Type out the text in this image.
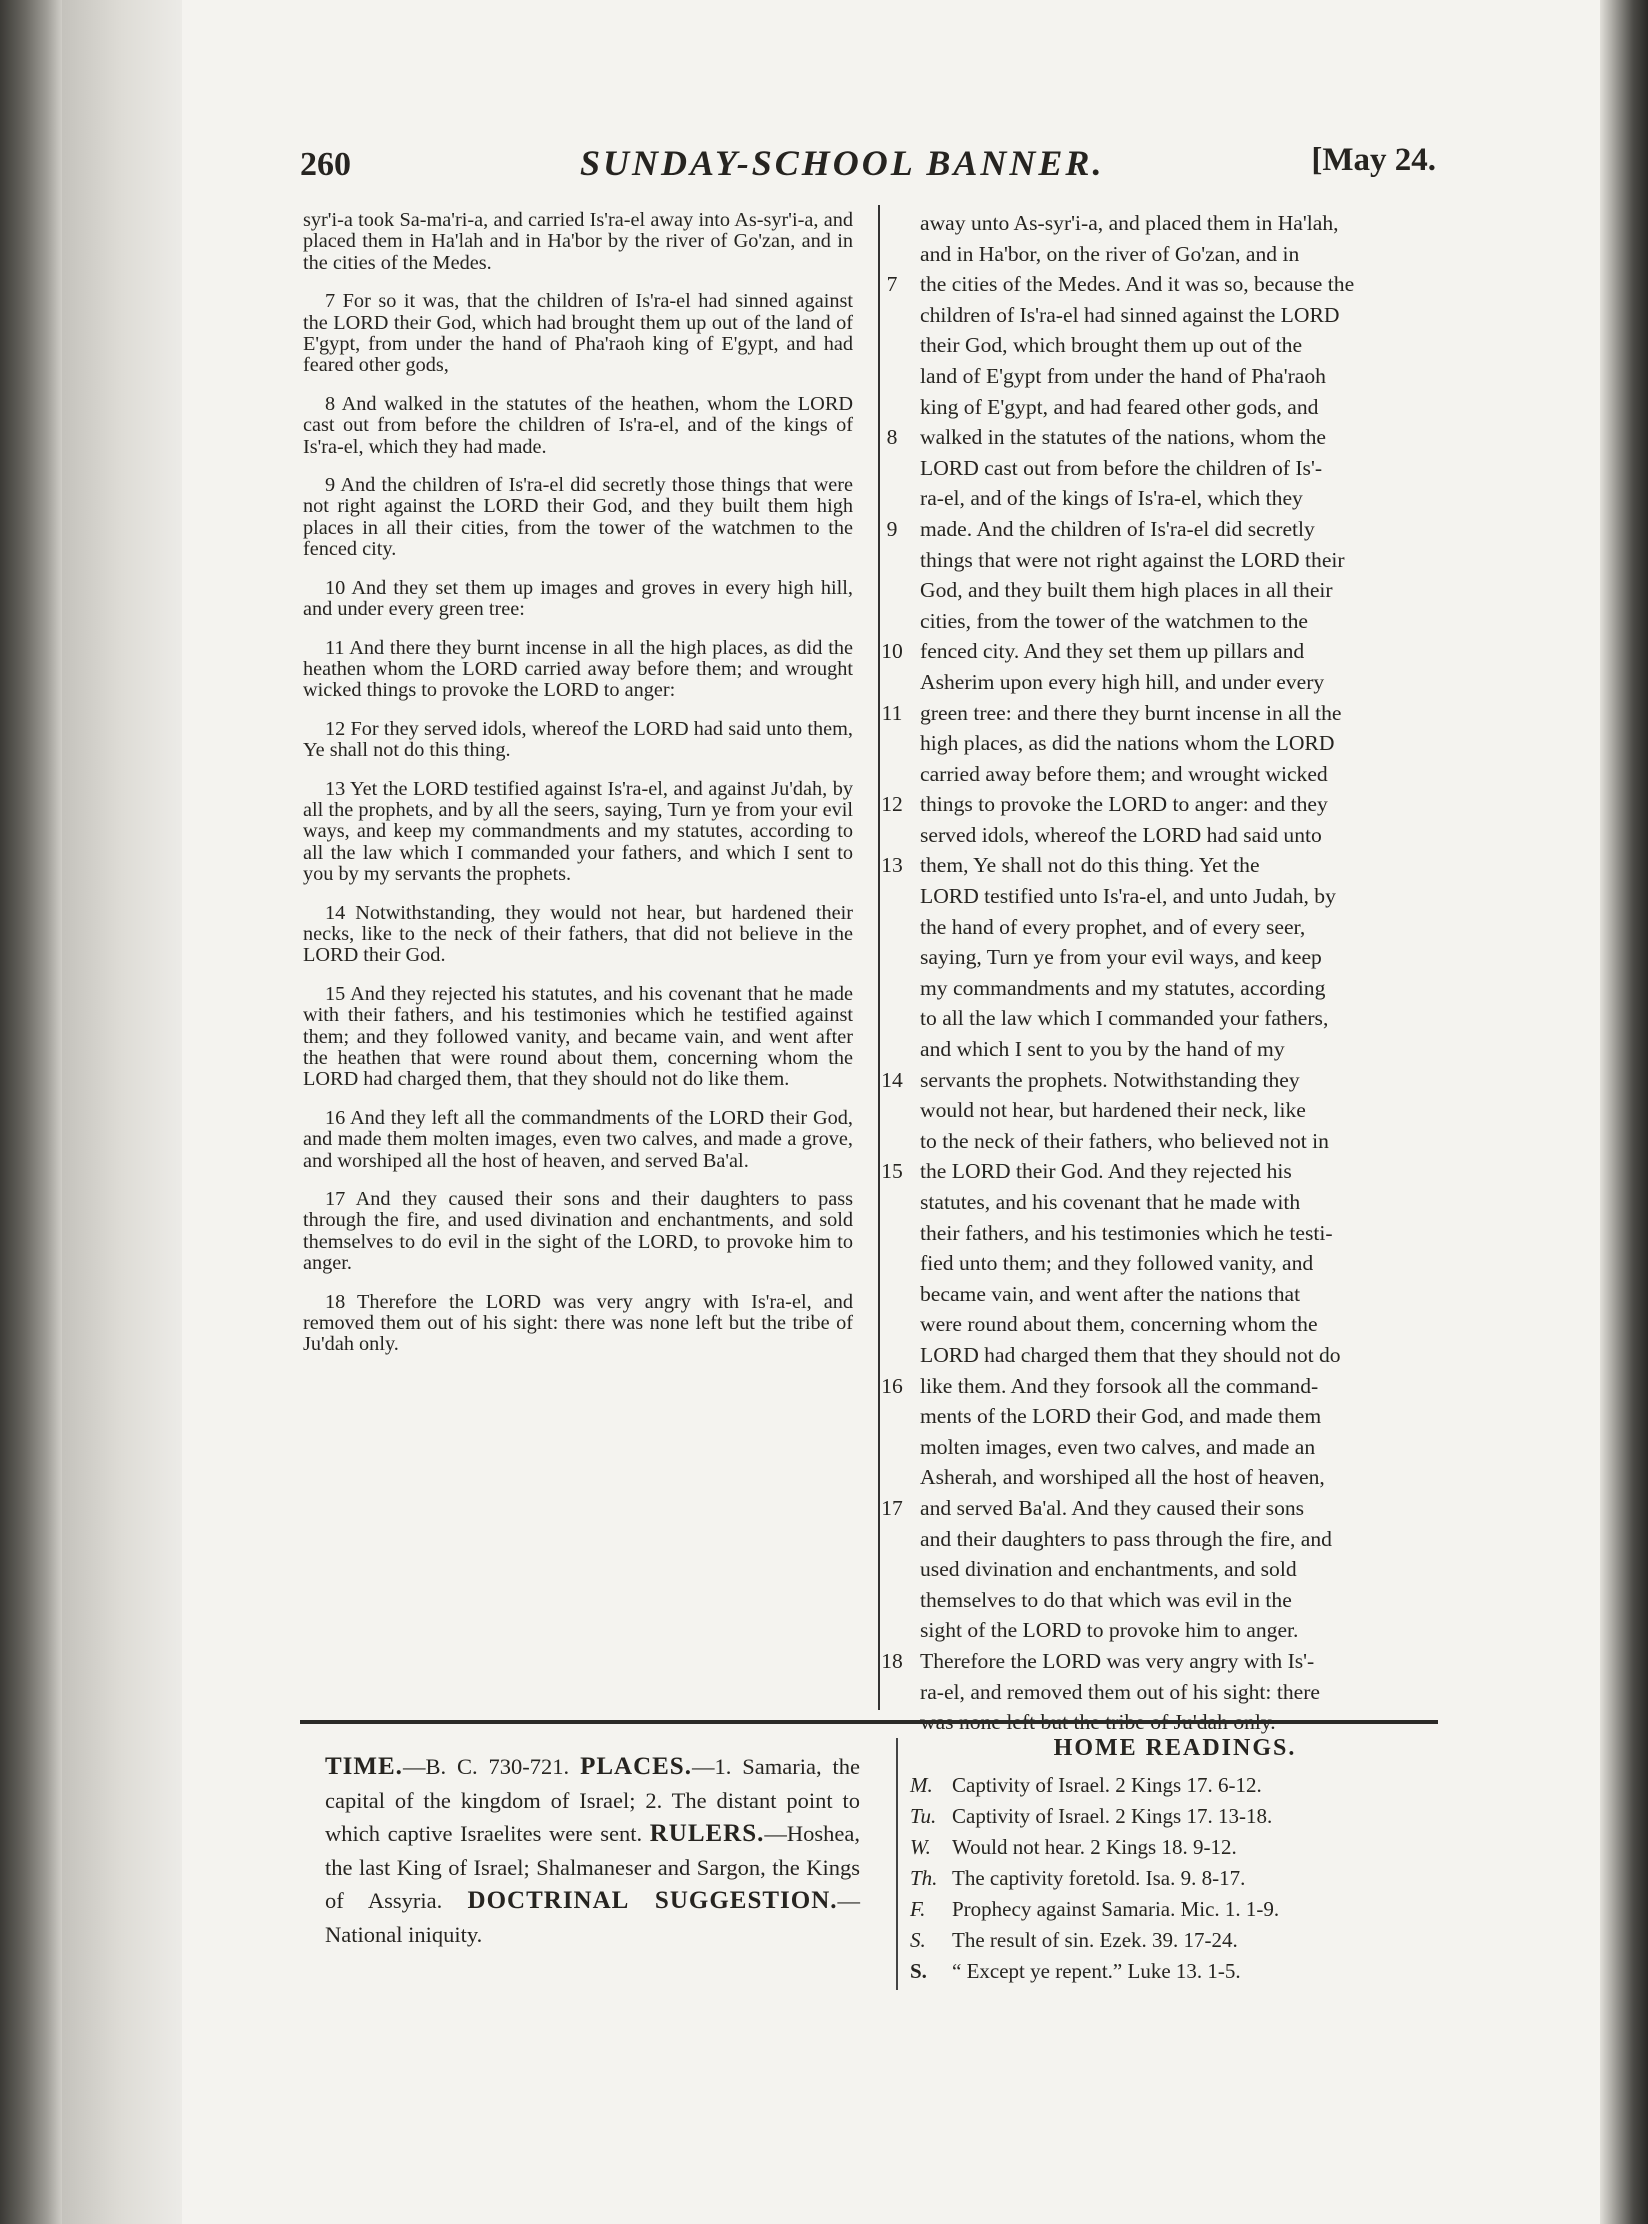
260	SUNDAY-SCHOOL BANNER.	[May 24.

syr'i-a took Sa-ma'ri-a, and carried Is'ra-el away into As-syr'i-a, and placed them in Ha'lah and in Ha'bor by the river of Go'zan, and in the cities of the Medes.

7 For so it was, that the children of Is'ra-el had sinned against the LORD their God, which had brought them up out of the land of E'gypt, from under the hand of Pha'raoh king of E'gypt, and had feared other gods,

8 And walked in the statutes of the heathen, whom the LORD cast out from before the children of Is'ra-el, and of the kings of Is'ra-el, which they had made.

9 And the children of Is'ra-el did secretly those things that were not right against the LORD their God, and they built them high places in all their cities, from the tower of the watchmen to the fenced city.

10 And they set them up images and groves in every high hill, and under every green tree:

11 And there they burnt incense in all the high places, as did the heathen whom the LORD carried away before them; and wrought wicked things to provoke the LORD to anger:

12 For they served idols, whereof the LORD had said unto them, Ye shall not do this thing.

13 Yet the LORD testified against Is'ra-el, and against Ju'dah, by all the prophets, and by all the seers, saying, Turn ye from your evil ways, and keep my commandments and my statutes, according to all the law which I commanded your fathers, and which I sent to you by my servants the prophets.

14 Notwithstanding, they would not hear, but hardened their necks, like to the neck of their fathers, that did not believe in the LORD their God.

15 And they rejected his statutes, and his covenant that he made with their fathers, and his testimonies which he testified against them; and they followed vanity, and became vain, and went after the heathen that were round about them, concerning whom the LORD had charged them, that they should not do like them.

16 And they left all the commandments of the LORD their God, and made them molten images, even two calves, and made a grove, and worshiped all the host of heaven, and served Ba'al.

17 And they caused their sons and their daughters to pass through the fire, and used divination and enchantments, and sold themselves to do evil in the sight of the LORD, to provoke him to anger.

18 Therefore the LORD was very angry with Is'ra-el, and removed them out of his sight: there was none left but the tribe of Ju'dah only.

away unto As-syr'i-a, and placed them in Ha'lah,
and in Ha'bor, on the river of Go'zan, and in
7	the cities of the Medes. And it was so, because the
children of Is'ra-el had sinned against the LORD
their God, which brought them up out of the
land of E'gypt from under the hand of Pha'raoh
king of E'gypt, and had feared other gods, and
8	walked in the statutes of the nations, whom the
LORD cast out from before the children of Is'-
ra-el, and of the kings of Is'ra-el, which they
9	made. And the children of Is'ra-el did secretly
things that were not right against the LORD their
God, and they built them high places in all their
cities, from the tower of the watchmen to the
10 fenced city. And they set them up pillars and
Asherim upon every high hill, and under every
11 green tree: and there they burnt incense in all the
high places, as did the nations whom the LORD
carried away before them; and wrought wicked
12 things to provoke the LORD to anger: and they
served idols, whereof the LORD had said unto
13 them, Ye shall not do this thing. Yet the
LORD testified unto Is'ra-el, and unto Judah, by
the hand of every prophet, and of every seer,
saying, Turn ye from your evil ways, and keep
my commandments and my statutes, according
to all the law which I commanded your fathers,
and which I sent to you by the hand of my
14 servants the prophets. Notwithstanding they
would not hear, but hardened their neck, like
to the neck of their fathers, who believed not in
15 the LORD their God. And they rejected his
statutes, and his covenant that he made with
their fathers, and his testimonies which he testi-
fied unto them; and they followed vanity, and
became vain, and went after the nations that
were round about them, concerning whom the
LORD had charged them that they should not do
16 like them. And they forsook all the command-
ments of the LORD their God, and made them
molten images, even two calves, and made an
Asherah, and worshiped all the host of heaven,
17 and served Ba'al. And they caused their sons
and their daughters to pass through the fire, and
used divination and enchantments, and sold
themselves to do that which was evil in the
sight of the LORD to provoke him to anger.
18 Therefore the LORD was very angry with Is'-
ra-el, and removed them out of his sight: there
TIME.—B. C. 730-721. PLACES.—1. Samaria, the capital of the kingdom of Israel; 2. The distant point to which captive Israelites were sent. RULERS.—Hoshea, the last King of Israel; Shalmaneser and Sargon, the Kings of Assyria. DOCTRINAL SUGGESTION.—National iniquity.
HOME READINGS.
M. Captivity of Israel. 2 Kings 17. 6-12.
Tu. Captivity of Israel. 2 Kings 17. 13-18.
W. Would not hear. 2 Kings 18. 9-12.
Th. The captivity foretold. Isa. 9. 8-17.
F. Prophecy against Samaria. Mic. 1. 1-9.
S. The result of sin. Ezek. 39. 17-24.
S. “ Except ye repent.” Luke 13. 1-5.
